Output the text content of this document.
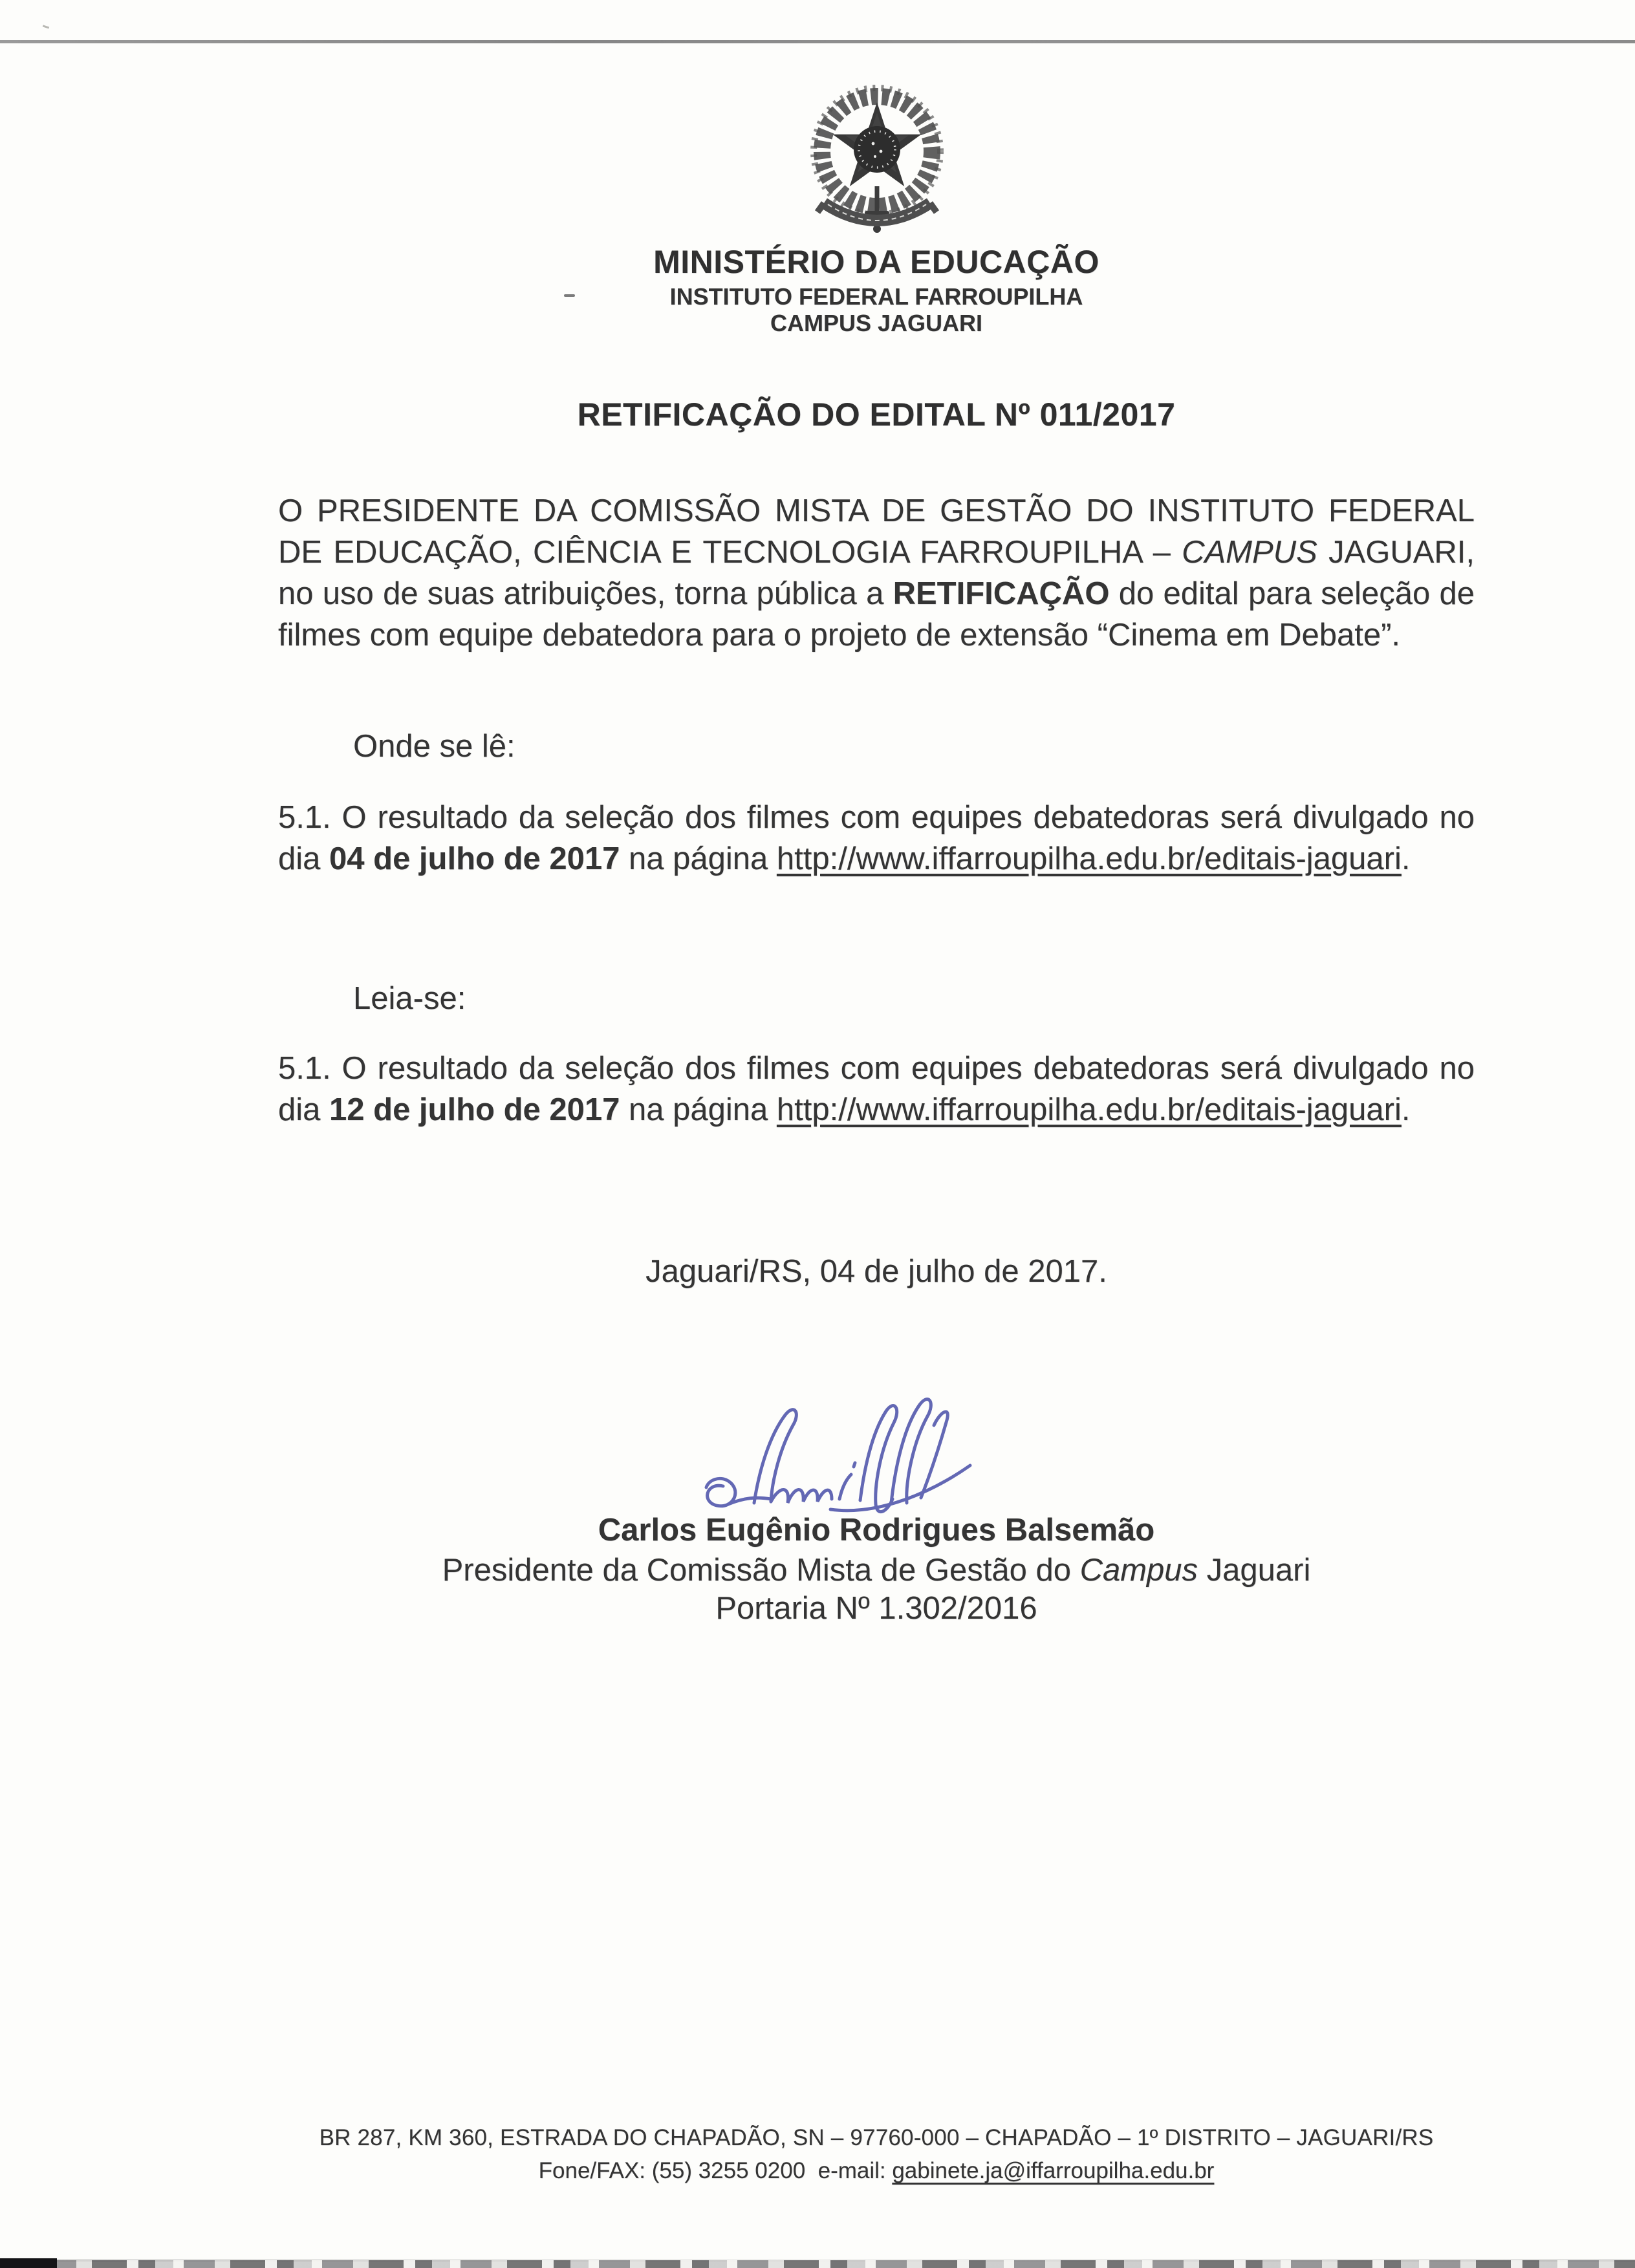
MINISTÉRIO DA EDUCAÇÃO
INSTITUTO FEDERAL FARROUPILHA
CAMPUS JAGUARI
RETIFICAÇÃO DO EDITAL Nº 011/2017
O PRESIDENTE DA COMISSÃO MISTA DE GESTÃO DO INSTITUTO FEDERAL
DE EDUCAÇÃO, CIÊNCIA E TECNOLOGIA FARROUPILHA – CAMPUS JAGUARI,
no uso de suas atribuições, torna pública a RETIFICAÇÃO do edital para seleção de
filmes com equipe debatedora para o projeto de extensão “Cinema em Debate”.
Onde se lê:
5.1. O resultado da seleção dos filmes com equipes debatedoras será divulgado no
dia 04 de julho de 2017 na página http://www.iffarroupilha.edu.br/editais-jaguari.
Leia-se:
5.1. O resultado da seleção dos filmes com equipes debatedoras será divulgado no
dia 12 de julho de 2017 na página http://www.iffarroupilha.edu.br/editais-jaguari.
Jaguari/RS, 04 de julho de 2017.
Carlos Eugênio Rodrigues Balsemão
Presidente da Comissão Mista de Gestão do Campus Jaguari
Portaria Nº 1.302/2016
BR 287, KM 360, ESTRADA DO CHAPADÃO, SN – 97760-000 – CHAPADÃO – 1º DISTRITO – JAGUARI/RS
Fone/FAX: (55) 3255 0200  e-mail: gabinete.ja@iffarroupilha.edu.br
